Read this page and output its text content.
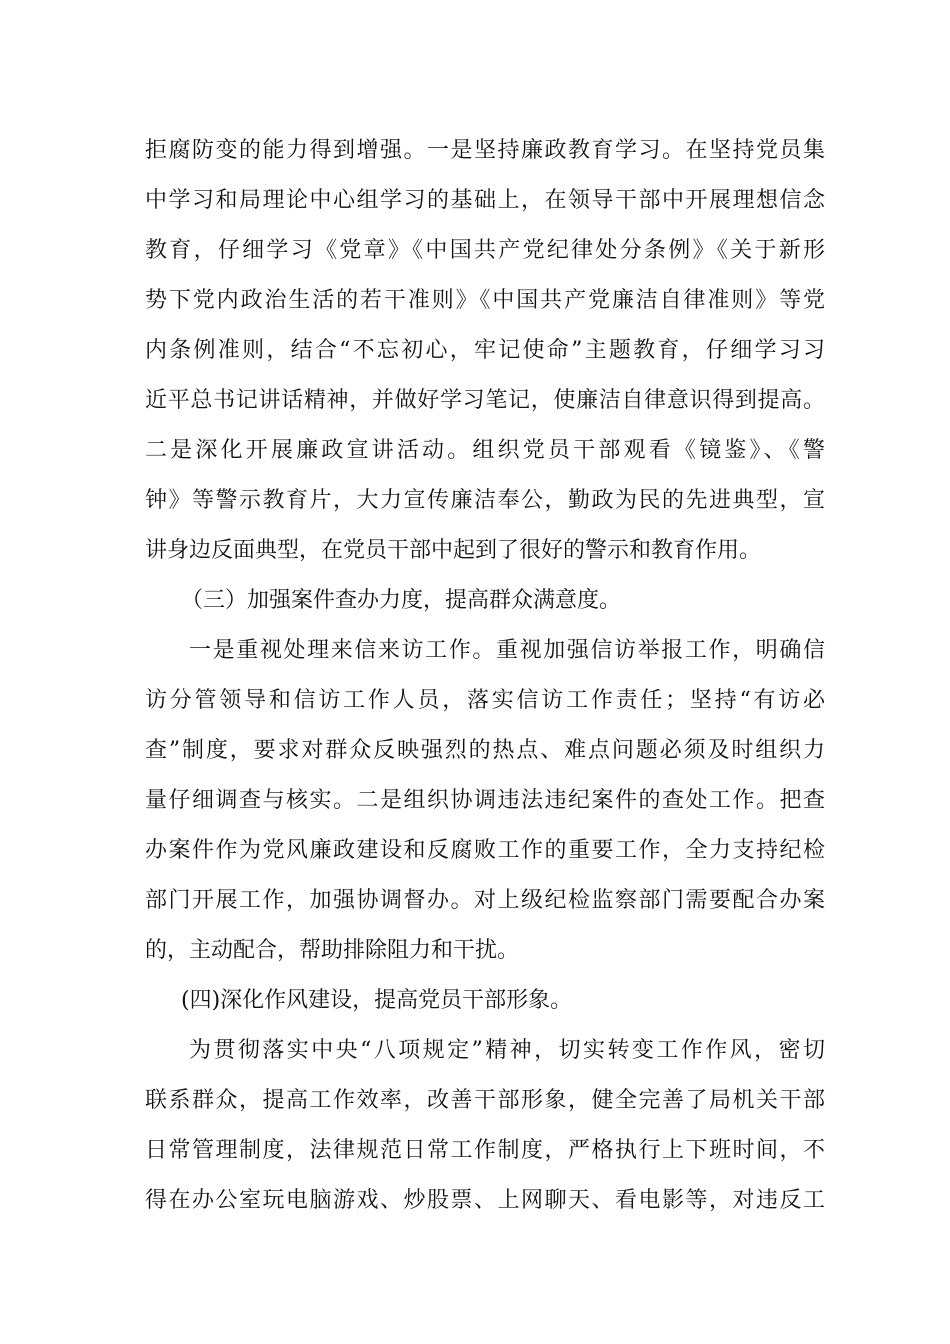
拒腐防变的能力得到增强。一是坚持廉政教育学习。在坚持党员集
中学习和局理论中心组学习的基础上，在领导干部中开展理想信念
教育，仔细学习《党章》《中国共产党纪律处分条例》《关于新形
势下党内政治生活的若干准则》《中国共产党廉洁自律准则》等党
内条例准则，结合“不忘初心，牢记使命”主题教育，仔细学习习
近平总书记讲话精神，并做好学习笔记，使廉洁自律意识得到提高。
二是深化开展廉政宣讲活动。组织党员干部观看《镜鉴》、《警
钟》等警示教育片，大力宣传廉洁奉公，勤政为民的先进典型，宣
讲身边反面典型，在党员干部中起到了很好的警示和教育作用。
（三）加强案件查办力度，提高群众满意度。
一是重视处理来信来访工作。重视加强信访举报工作，明确信
访分管领导和信访工作人员，落实信访工作责任；坚持“有访必
查”制度，要求对群众反映强烈的热点、难点问题必须及时组织力
量仔细调查与核实。二是组织协调违法违纪案件的查处工作。把查
办案件作为党风廉政建设和反腐败工作的重要工作，全力支持纪检
部门开展工作，加强协调督办。对上级纪检监察部门需要配合办案
的，主动配合，帮助排除阻力和干扰。
(四)深化作风建设，提高党员干部形象。
为贯彻落实中央“八项规定”精神，切实转变工作作风，密切
联系群众，提高工作效率，改善干部形象，健全完善了局机关干部
日常管理制度，法律规范日常工作制度，严格执行上下班时间，不
得在办公室玩电脑游戏、炒股票、上网聊天、看电影等，对违反工
